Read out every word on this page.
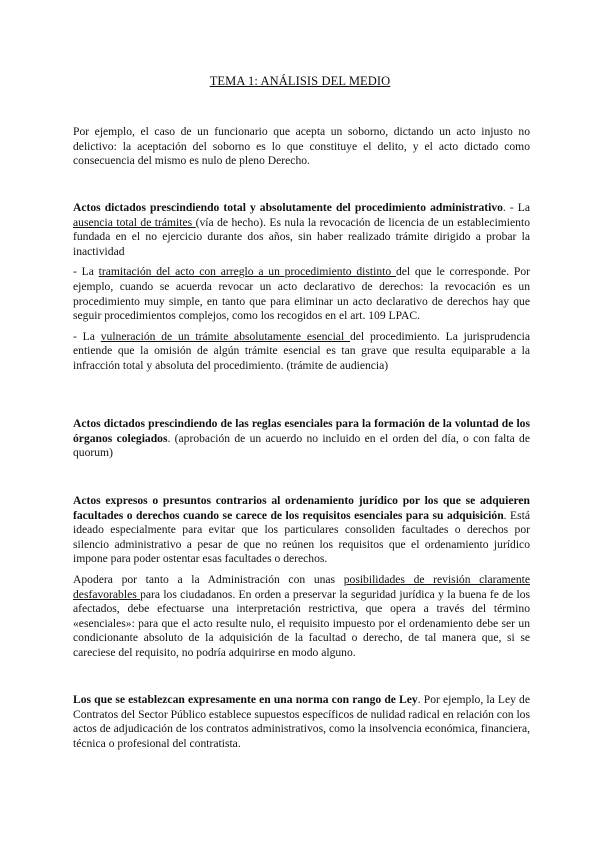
TEMA 1: ANÁLISIS DEL MEDIO

Por ejemplo, el caso de un funcionario que acepta un soborno, dictando un acto injusto no delictivo: la aceptación del soborno es lo que constituye el delito, y el acto dictado como consecuencia del mismo es nulo de pleno Derecho.

Actos dictados prescindiendo total y absolutamente del procedimiento administrativo. - La ausencia total de trámites (vía de hecho). Es nula la revocación de licencia de un establecimiento fundada en el no ejercicio durante dos años, sin haber realizado trámite dirigido a probar la inactividad

- La tramitación del acto con arreglo a un procedimiento distinto del que le corresponde. Por ejemplo, cuando se acuerda revocar un acto declarativo de derechos: la revocación es un procedimiento muy simple, en tanto que para eliminar un acto declarativo de derechos hay que seguir procedimientos complejos, como los recogidos en el art. 109 LPAC.

- La vulneración de un trámite absolutamente esencial del procedimiento. La jurisprudencia entiende que la omisión de algún trámite esencial es tan grave que resulta equiparable a la infracción total y absoluta del procedimiento. (trámite de audiencia)

Actos dictados prescindiendo de las reglas esenciales para la formación de la voluntad de los órganos colegiados. (aprobación de un acuerdo no incluido en el orden del día, o con falta de quorum)

Actos expresos o presuntos contrarios al ordenamiento jurídico por los que se adquieren facultades o derechos cuando se carece de los requisitos esenciales para su adquisición. Está ideado especialmente para evitar que los particulares consoliden facultades o derechos por silencio administrativo a pesar de que no reúnen los requisitos que el ordenamiento jurídico impone para poder ostentar esas facultades o derechos.

Apodera por tanto a la Administración con unas posibilidades de revisión claramente desfavorables para los ciudadanos. En orden a preservar la seguridad jurídica y la buena fe de los afectados, debe efectuarse una interpretación restrictiva, que opera a través del término «esenciales»: para que el acto resulte nulo, el requisito impuesto por el ordenamiento debe ser un condicionante absoluto de la adquisición de la facultad o derecho, de tal manera que, si se careciese del requisito, no podría adquirirse en modo alguno.

Los que se establezcan expresamente en una norma con rango de Ley. Por ejemplo, la Ley de Contratos del Sector Público establece supuestos específicos de nulidad radical en relación con los actos de adjudicación de los contratos administrativos, como la insolvencia económica, financiera, técnica o profesional del contratista.
